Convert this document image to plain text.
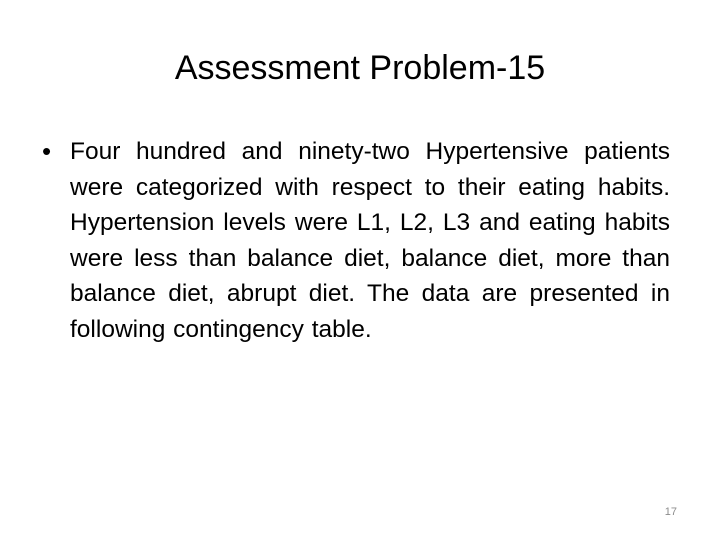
Assessment Problem-15
• Four hundred and ninety-two Hypertensive patients were categorized with respect to their eating habits. Hypertension levels were L1, L2, L3 and eating habits were less than balance diet, balance diet, more than balance diet, abrupt diet. The data are presented in following contingency table.

17
